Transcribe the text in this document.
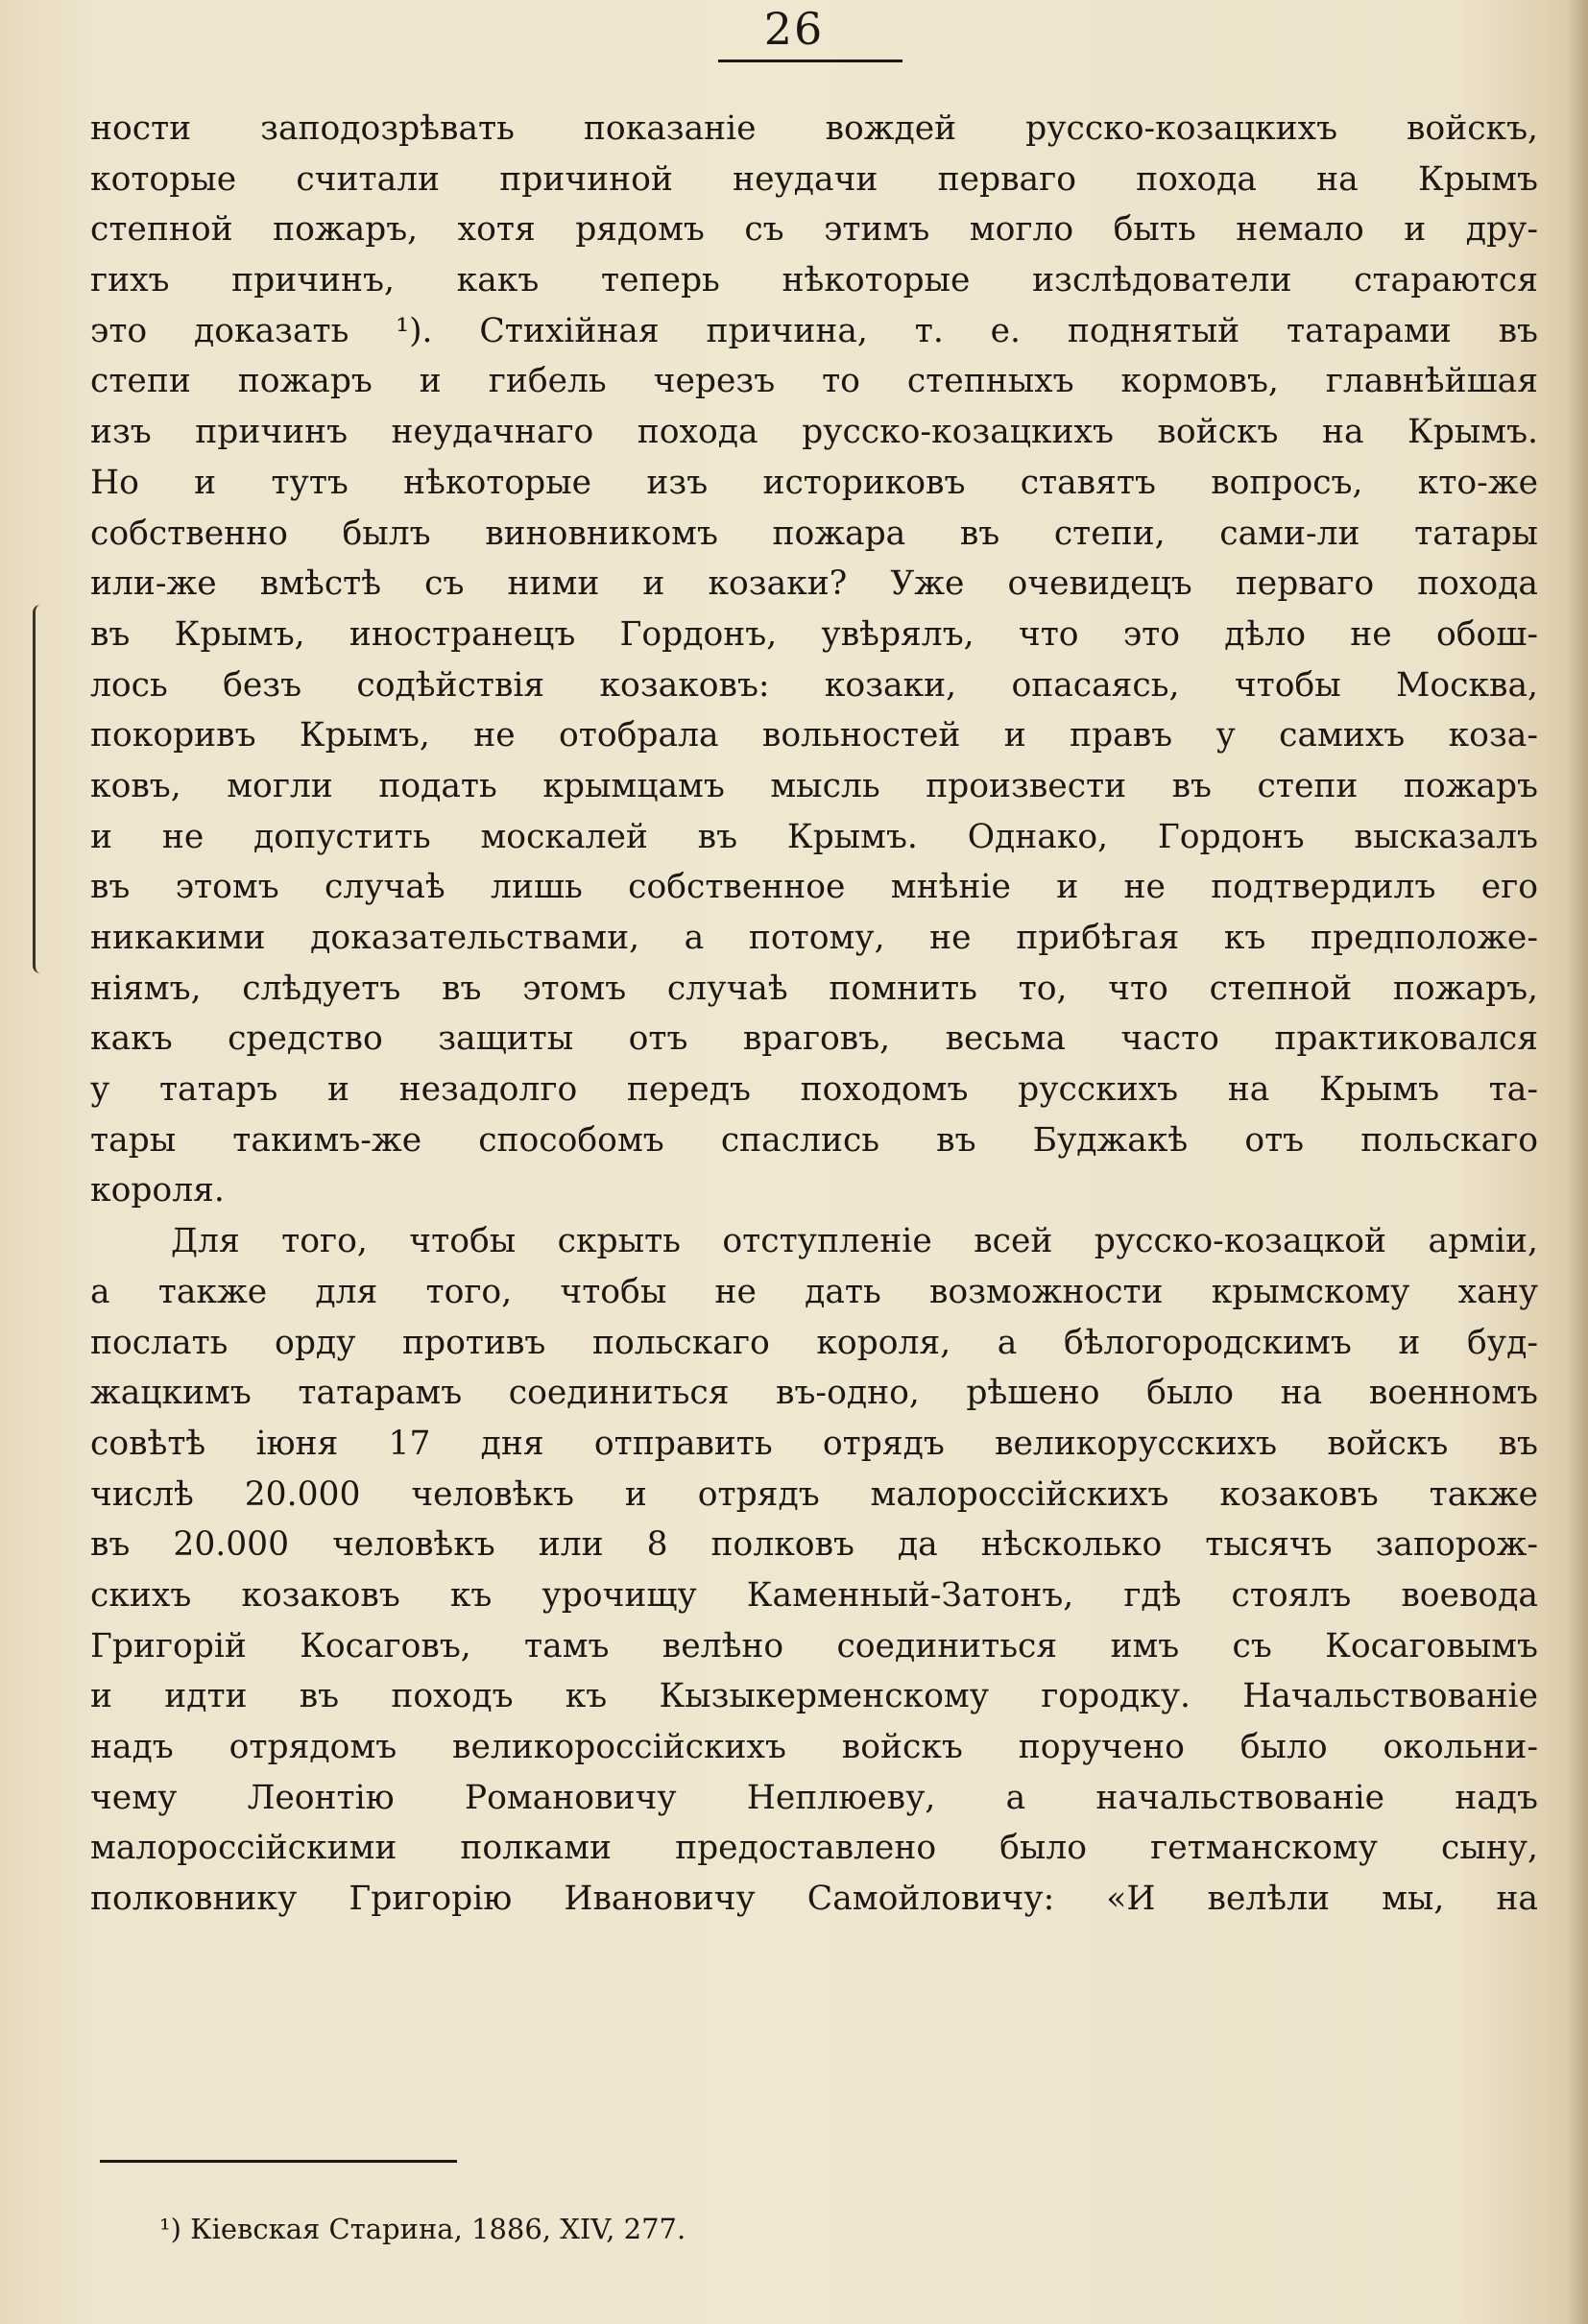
26
ности заподозрѣвать показаніе вождей русско-козацкихъ войскъ,
которые считали причиной неудачи перваго похода на Крымъ
степной пожаръ, хотя рядомъ съ этимъ могло быть немало и дру-
гихъ причинъ, какъ теперь нѣкоторые изслѣдователи стараются
это доказать ¹). Стихійная причина, т. е. поднятый татарами въ
степи пожаръ и гибель черезъ то степныхъ кормовъ, главнѣйшая
изъ причинъ неудачнаго похода русско-козацкихъ войскъ на Крымъ.
Но и тутъ нѣкоторые изъ историковъ ставятъ вопросъ, кто-же
собственно былъ виновникомъ пожара въ степи, сами-ли татары
или-же вмѣстѣ съ ними и козаки? Уже очевидецъ перваго похода
въ Крымъ, иностранецъ Гордонъ, увѣрялъ, что это дѣло не обош-
лось безъ содѣйствія козаковъ: козаки, опасаясь, чтобы Москва,
покоривъ Крымъ, не отобрала вольностей и правъ у самихъ коза-
ковъ, могли подать крымцамъ мысль произвести въ степи пожаръ
и не допустить москалей въ Крымъ. Однако, Гордонъ высказалъ
въ этомъ случаѣ лишь собственное мнѣніе и не подтвердилъ его
никакими доказательствами, а потому, не прибѣгая къ предположе-
ніямъ, слѣдуетъ въ этомъ случаѣ помнить то, что степной пожаръ,
какъ средство защиты отъ враговъ, весьма часто практиковался
у татаръ и незадолго передъ походомъ русскихъ на Крымъ та-
тары такимъ-же способомъ спаслись въ Буджакѣ отъ польскаго
короля.
Для того, чтобы скрыть отступленіе всей русско-козацкой арміи,
а также для того, чтобы не дать возможности крымскому хану
послать орду противъ польскаго короля, а бѣлогородскимъ и буд-
жацкимъ татарамъ соединиться въ-одно, рѣшено было на военномъ
совѣтѣ іюня 17 дня отправить отрядъ великорусскихъ войскъ въ
числѣ 20.000 человѣкъ и отрядъ малороссійскихъ козаковъ также
въ 20.000 человѣкъ или 8 полковъ да нѣсколько тысячъ запорож-
скихъ козаковъ къ урочищу Каменный-Затонъ, гдѣ стоялъ воевода
Григорій Косаговъ, тамъ велѣно соединиться имъ съ Косаговымъ
и идти въ походъ къ Кызыкерменскому городку. Начальствованіе
надъ отрядомъ великороссійскихъ войскъ поручено было окольни-
чему Леонтію Романовичу Неплюеву, а начальствованіе надъ
малороссійскими полками предоставлено было гетманскому сыну,
полковнику Григорію Ивановичу Самойловичу: «И велѣли мы, на
¹) Кіевская Старина, 1886, XIV, 277.
